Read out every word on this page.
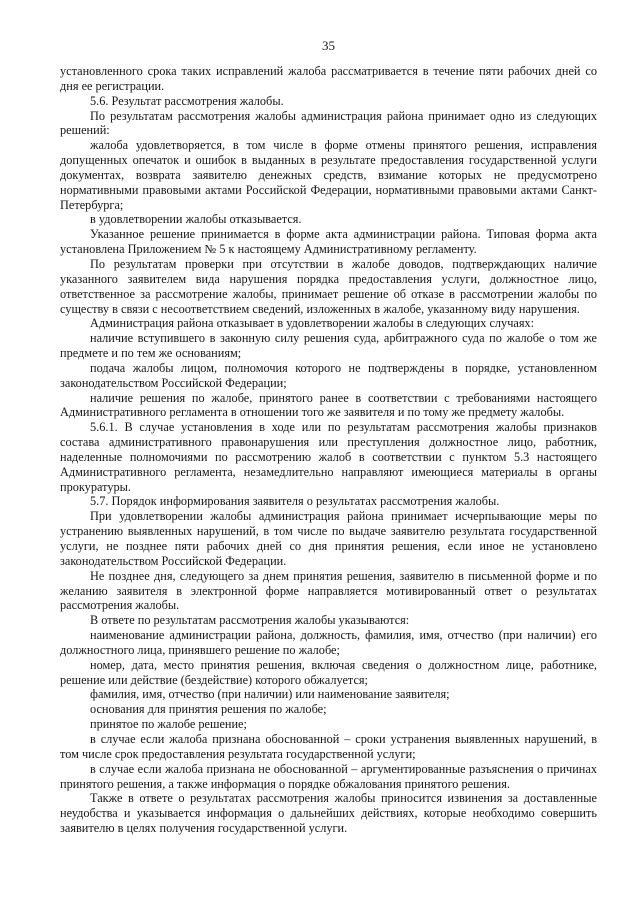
35

установленного срока таких исправлений жалоба рассматривается в течение пяти рабочих дней со дня ее регистрации.

5.6. Результат рассмотрения жалобы.

По результатам рассмотрения жалобы администрация района принимает одно из следующих решений:

жалоба удовлетворяется, в том числе в форме отмены принятого решения, исправления допущенных опечаток и ошибок в выданных в результате предоставления государственной услуги документах, возврата заявителю денежных средств, взимание которых не предусмотрено нормативными правовыми актами Российской Федерации, нормативными правовыми актами Санкт-Петербурга;

в удовлетворении жалобы отказывается.

Указанное решение принимается в форме акта администрации района. Типовая форма акта установлена Приложением № 5 к настоящему Административному регламенту.

По результатам проверки при отсутствии в жалобе доводов, подтверждающих наличие указанного заявителем вида нарушения порядка предоставления услуги, должностное лицо, ответственное за рассмотрение жалобы, принимает решение об отказе в рассмотрении жалобы по существу в связи с несоответствием сведений, изложенных в жалобе, указанному виду нарушения.

Администрация района отказывает в удовлетворении жалобы в следующих случаях:

наличие вступившего в законную силу решения суда, арбитражного суда по жалобе о том же предмете и по тем же основаниям;

подача жалобы лицом, полномочия которого не подтверждены в порядке, установленном законодательством Российской Федерации;

наличие решения по жалобе, принятого ранее в соответствии с требованиями настоящего Административного регламента в отношении того же заявителя и по тому же предмету жалобы.

5.6.1. В случае установления в ходе или по результатам рассмотрения жалобы признаков состава административного правонарушения или преступления должностное лицо, работник, наделенные полномочиями по рассмотрению жалоб в соответствии с пунктом 5.3 настоящего Административного регламента, незамедлительно направляют имеющиеся материалы в органы прокуратуры.

5.7. Порядок информирования заявителя о результатах рассмотрения жалобы.

При удовлетворении жалобы администрация района принимает исчерпывающие меры по устранению выявленных нарушений, в том числе по выдаче заявителю результата государственной услуги, не позднее пяти рабочих дней со дня принятия решения, если иное не установлено законодательством Российской Федерации.

Не позднее дня, следующего за днем принятия решения, заявителю в письменной форме и по желанию заявителя в электронной форме направляется мотивированный ответ о результатах рассмотрения жалобы.

В ответе по результатам рассмотрения жалобы указываются:

наименование администрации района, должность, фамилия, имя, отчество (при наличии) его должностного лица, принявшего решение по жалобе;

номер, дата, место принятия решения, включая сведения о должностном лице, работнике, решение или действие (бездействие) которого обжалуется;

фамилия, имя, отчество (при наличии) или наименование заявителя;

основания для принятия решения по жалобе;

принятое по жалобе решение;

в случае если жалоба признана обоснованной – сроки устранения выявленных нарушений, в том числе срок предоставления результата государственной услуги;

в случае если жалоба признана не обоснованной – аргументированные разъяснения о причинах принятого решения, а также информация о порядке обжалования принятого решения.

Также в ответе о результатах рассмотрения жалобы приносится извинения за доставленные неудобства и указывается информация о дальнейших действиях, которые необходимо совершить заявителю в целях получения государственной услуги.
